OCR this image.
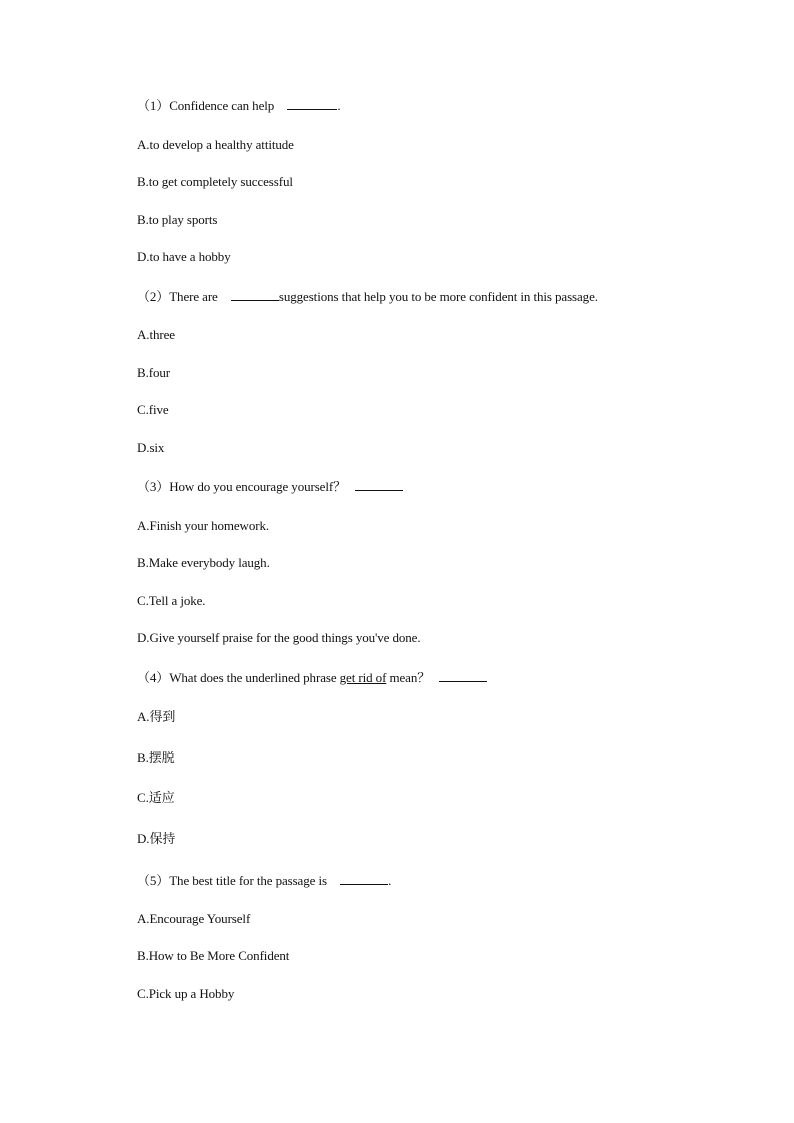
（1）Confidence can help	.
A.to develop a healthy attitude
B.to get completely successful
B.to play sports
D.to have a hobby
（2）There are	suggestions that help you to be more confident in this passage.
A.three
B.four
C.five
D.six
（3）How do you encourage yourself？
A.Finish your homework.
B.Make everybody laugh.
C.Tell a joke.
D.Give yourself praise for the good things you've done.
（4）What does the underlined phrase get rid of mean？
A.得到
B.摆脱
C.适应
D.保持
（5）The best title for the passage is	.
A.Encourage Yourself
B.How to Be More Confident
C.Pick up a Hobby
